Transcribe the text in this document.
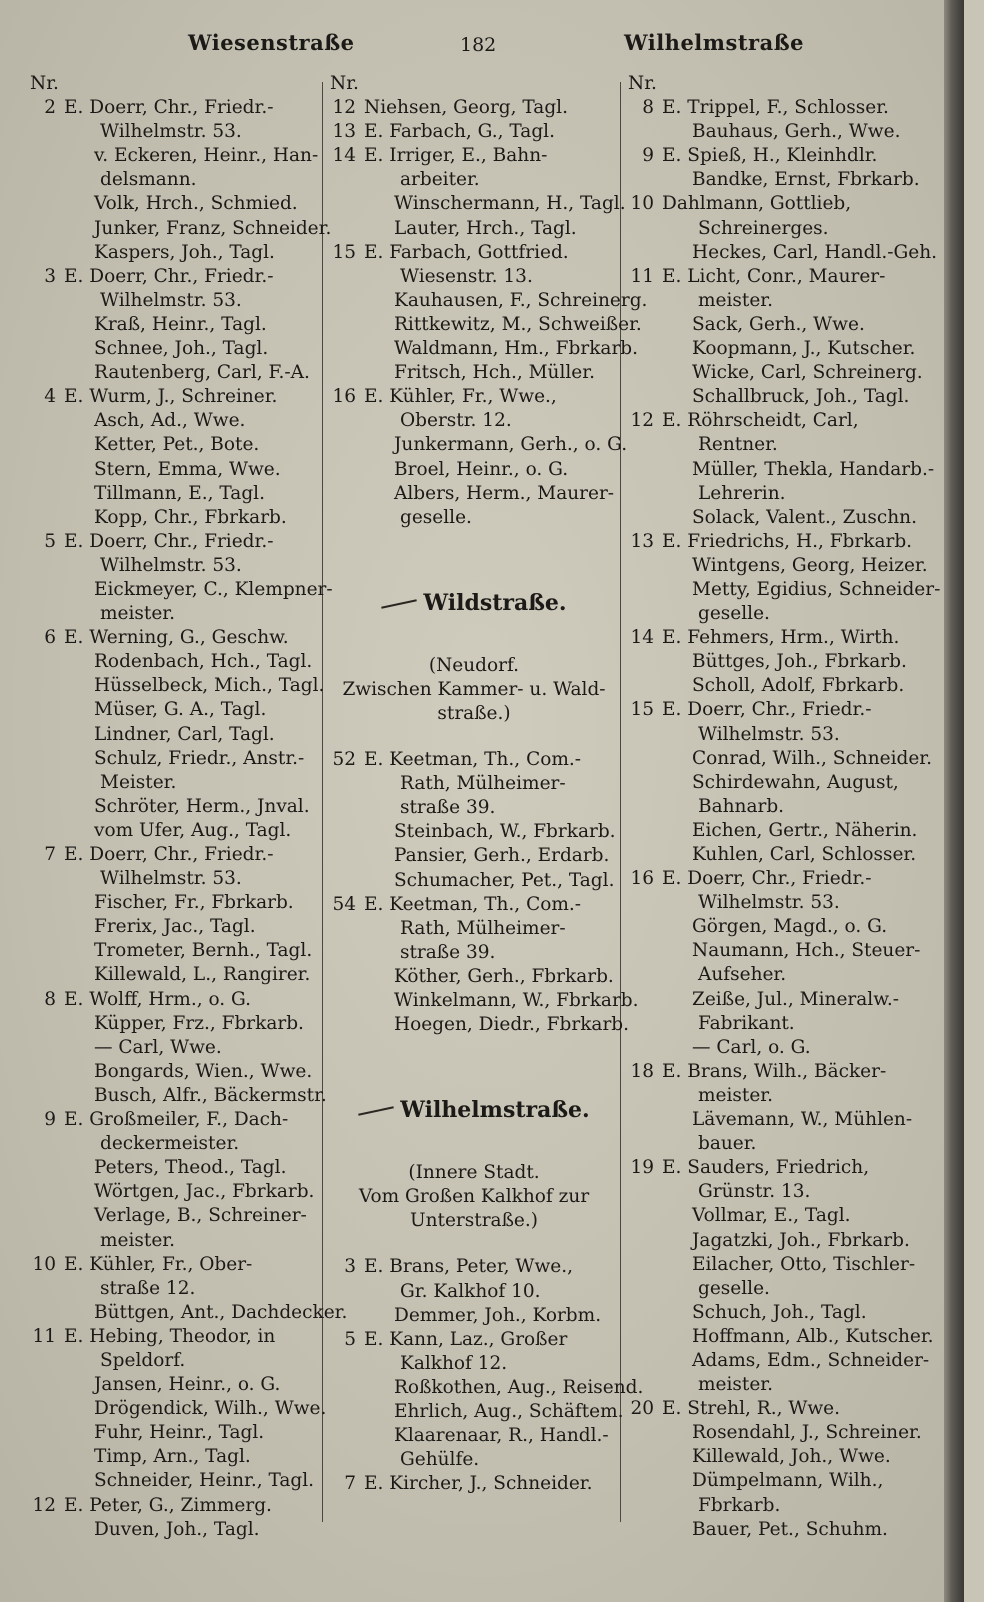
Wiesenstraße	182	Wilhelmstraße
Nr.
2 E. Doerr, Chr., Friedr.-
Wilhelmstr. 53.
v. Eckeren, Heinr., Han-
delsmann.
Volk, Hrch., Schmied.
Junker, Franz, Schneider.
Kaspers, Joh., Tagl.
3 E. Doerr, Chr., Friedr.-
Wilhelmstr. 53.
Kraß, Heinr., Tagl.
Schnee, Joh., Tagl.
Rautenberg, Carl, F.-A.
4 E. Wurm, J., Schreiner.
Asch, Ad., Wwe.
Ketter, Pet., Bote.
Stern, Emma, Wwe.
Tillmann, E., Tagl.
Kopp, Chr., Fbrkarb.
5 E. Doerr, Chr., Friedr.-
Wilhelmstr. 53.
Eickmeyer, C., Klempner-
meister.
6 E. Werning, G., Geschw.
Rodenbach, Hch., Tagl.
Hüsselbeck, Mich., Tagl.
Müser, G. A., Tagl.
Lindner, Carl, Tagl.
Schulz, Friedr., Anstr.-
Meister.
Schröter, Herm., Jnval.
vom Ufer, Aug., Tagl.
7 E. Doerr, Chr., Friedr.-
Wilhelmstr. 53.
Fischer, Fr., Fbrkarb.
Frerix, Jac., Tagl.
Trometer, Bernh., Tagl.
Killewald, L., Rangirer.
8 E. Wolff, Hrm., o. G.
Küpper, Frz., Fbrkarb.
— Carl, Wwe.
Bongards, Wien., Wwe.
Busch, Alfr., Bäckermstr.
9 E. Großmeiler, F., Dach-
deckermeister.
Peters, Theod., Tagl.
Wörtgen, Jac., Fbrkarb.
Verlage, B., Schreiner-
meister.
10 E. Kühler, Fr., Ober-
straße 12.
Büttgen, Ant., Dachdecker.
11 E. Hebing, Theodor, in
Speldorf.
Jansen, Heinr., o. G.
Drögendick, Wilh., Wwe.
Fuhr, Heinr., Tagl.
Timp, Arn., Tagl.
Schneider, Heinr., Tagl.
12 E. Peter, G., Zimmerg.
Duven, Joh., Tagl.
Nr.
12 Niehsen, Georg, Tagl.
13 E. Farbach, G., Tagl.
14 E. Irriger, E., Bahn-
arbeiter.
Winschermann, H., Tagl.
Lauter, Hrch., Tagl.
15 E. Farbach, Gottfried.
Wiesenstr. 13.
Kauhausen, F., Schreinerg.
Rittkewitz, M., Schweißer.
Waldmann, Hm., Fbrkarb.
Fritsch, Hch., Müller.
16 E. Kühler, Fr., Wwe.,
Oberstr. 12.
Junkermann, Gerh., o. G.
Broel, Heinr., o. G.
Albers, Herm., Maurer-
geselle.
Wildstraße.
(Neudorf.
Zwischen Kammer- u. Wald-
straße.)
52 E. Keetman, Th., Com.-
Rath, Mülheimer-
straße 39.
Steinbach, W., Fbrkarb.
Pansier, Gerh., Erdarb.
Schumacher, Pet., Tagl.
54 E. Keetman, Th., Com.-
Rath, Mülheimer-
straße 39.
Köther, Gerh., Fbrkarb.
Winkelmann, W., Fbrkarb.
Hoegen, Diedr., Fbrkarb.
Wilhelmstraße.
(Innere Stadt.
Vom Großen Kalkhof zur
Unterstraße.)
3 E. Brans, Peter, Wwe.,
Gr. Kalkhof 10.
Demmer, Joh., Korbm.
5 E. Kann, Laz., Großer
Kalkhof 12.
Roßkothen, Aug., Reisend.
Ehrlich, Aug., Schäftem.
Klaarenaar, R., Handl.-
Gehülfe.
7 E. Kircher, J., Schneider.
Nr.
8 E. Trippel, F., Schlosser.
Bauhaus, Gerh., Wwe.
9 E. Spieß, H., Kleinhdlr.
Bandke, Ernst, Fbrkarb.
10 Dahlmann, Gottlieb,
Schreinerges.
Heckes, Carl, Handl.-Geh.
11 E. Licht, Conr., Maurer-
meister.
Sack, Gerh., Wwe.
Koopmann, J., Kutscher.
Wicke, Carl, Schreinerg.
Schallbruck, Joh., Tagl.
12 E. Röhrscheidt, Carl,
Rentner.
Müller, Thekla, Handarb.-
Lehrerin.
Solack, Valent., Zuschn.
13 E. Friedrichs, H., Fbrkarb.
Wintgens, Georg, Heizer.
Metty, Egidius, Schneider-
geselle.
14 E. Fehmers, Hrm., Wirth.
Büttges, Joh., Fbrkarb.
Scholl, Adolf, Fbrkarb.
15 E. Doerr, Chr., Friedr.-
Wilhelmstr. 53.
Conrad, Wilh., Schneider.
Schirdewahn, August,
Bahnarb.
Eichen, Gertr., Näherin.
Kuhlen, Carl, Schlosser.
16 E. Doerr, Chr., Friedr.-
Wilhelmstr. 53.
Görgen, Magd., o. G.
Naumann, Hch., Steuer-
Aufseher.
Zeiße, Jul., Mineralw.-
Fabrikant.
— Carl, o. G.
18 E. Brans, Wilh., Bäcker-
meister.
Lävemann, W., Mühlen-
bauer.
19 E. Sauders, Friedrich,
Grünstr. 13.
Vollmar, E., Tagl.
Jagatzki, Joh., Fbrkarb.
Eilacher, Otto, Tischler-
geselle.
Schuch, Joh., Tagl.
Hoffmann, Alb., Kutscher.
Adams, Edm., Schneider-
meister.
20 E. Strehl, R., Wwe.
Rosendahl, J., Schreiner.
Killewald, Joh., Wwe.
Dümpelmann, Wilh.,
Fbrkarb.
Bauer, Pet., Schuhm.
